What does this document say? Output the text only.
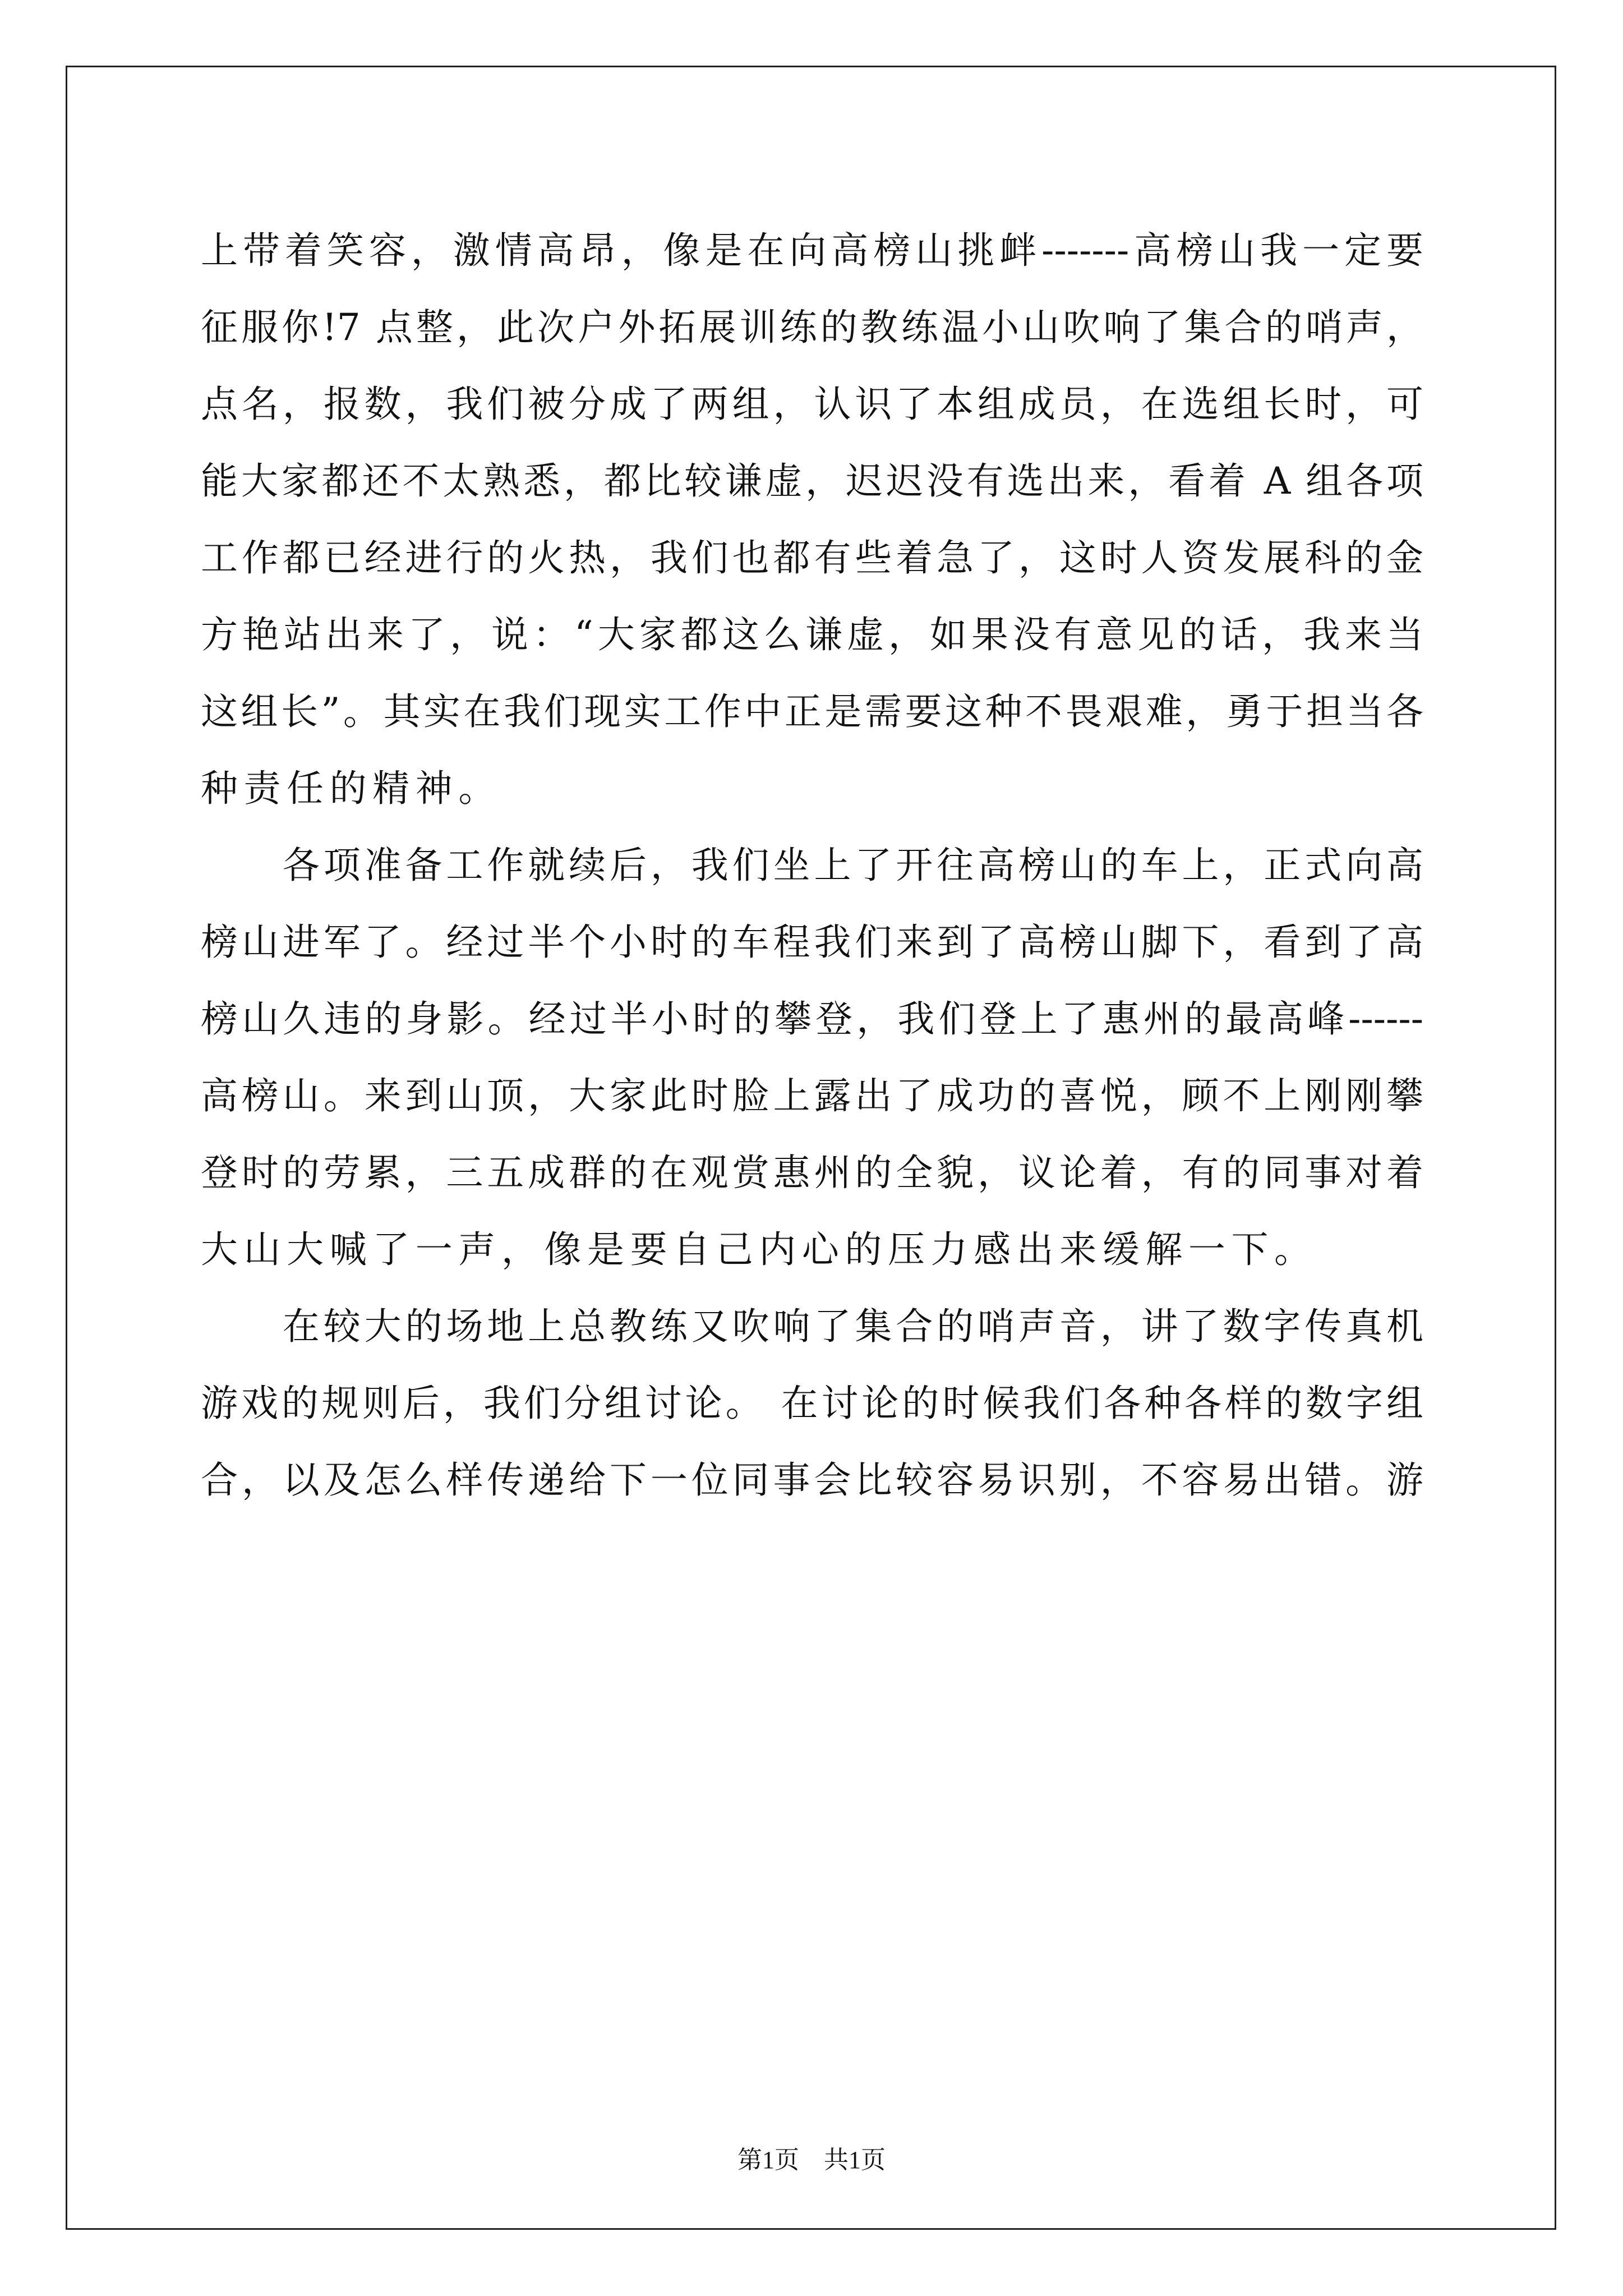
上带着笑容，激情高昂，像是在向高榜山挑衅-------高榜山我一定要
征服你!7 点整，此次户外拓展训练的教练温小山吹响了集合的哨声，
点名，报数，我们被分成了两组，认识了本组成员，在选组长时，可
能大家都还不太熟悉，都比较谦虚，迟迟没有选出来，看着 A 组各项
工作都已经进行的火热，我们也都有些着急了，这时人资发展科的金
方艳站出来了，说：“大家都这么谦虚，如果没有意见的话，我来当
这组长”。其实在我们现实工作中正是需要这种不畏艰难，勇于担当各
种责任的精神。
　　各项准备工作就续后，我们坐上了开往高榜山的车上，正式向高
榜山进军了。经过半个小时的车程我们来到了高榜山脚下，看到了高
榜山久违的身影。经过半小时的攀登，我们登上了惠州的最高峰------
高榜山。来到山顶，大家此时脸上露出了成功的喜悦，顾不上刚刚攀
登时的劳累，三五成群的在观赏惠州的全貌，议论着，有的同事对着
大山大喊了一声，像是要自己内心的压力感出来缓解一下。
　　在较大的场地上总教练又吹响了集合的哨声音，讲了数字传真机
游戏的规则后，我们分组讨论。 在讨论的时候我们各种各样的数字组
合，以及怎么样传递给下一位同事会比较容易识别，不容易出错。游
第1页　共1页
